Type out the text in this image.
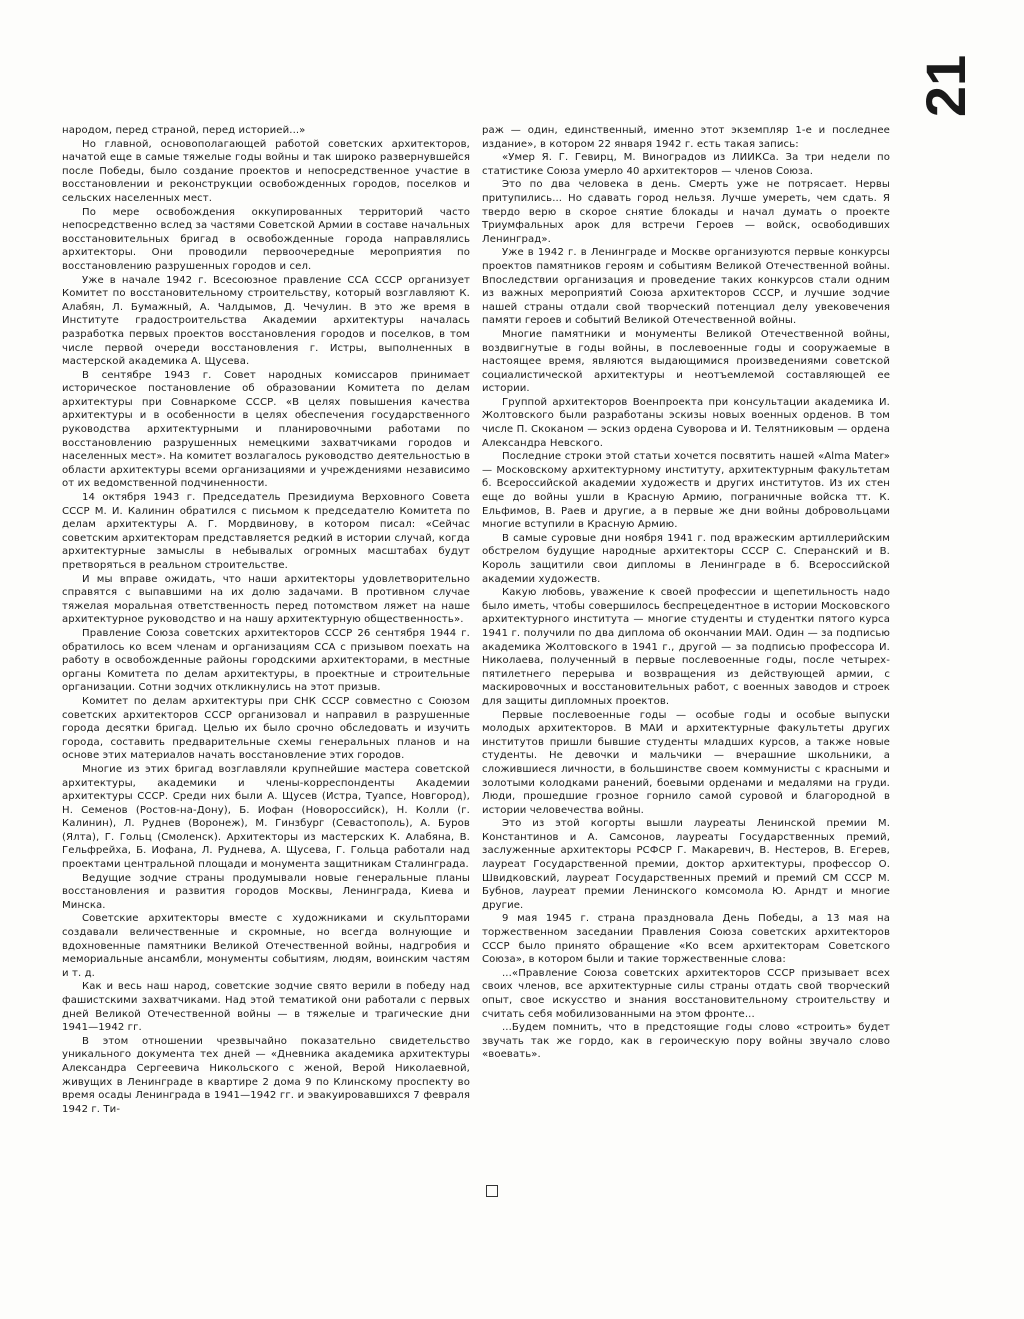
21

народом, перед страной, перед историей...»

Но главной, основополагающей работой советских архитекторов, начатой еще в самые тяжелые годы войны и так широко развернувшейся после Победы, было создание проектов и непосредственное участие в восстановлении и реконструкции освобожденных городов, поселков и сельских населенных мест.

По мере освобождения оккупированных территорий часто непосредственно вслед за частями Советской Армии в составе начальных восстановительных бригад в освобожденные города направлялись архитекторы. Они проводили первоочередные мероприятия по восстановлению разрушенных городов и сел.

Уже в начале 1942 г. Всесоюзное правление ССА СССР организует Комитет по восстановительному строительству, который возглавляют К. Алабян, Л. Бумажный, А. Чалдымов, Д. Чечулин. В это же время в Институте градостроительства Академии архитектуры началась разработка первых проектов восстановления городов и поселков, в том числе первой очереди восстановления г. Истры, выполненных в мастерской академика А. Щусева.

В сентябре 1943 г. Совет народных комиссаров принимает историческое постановление об образовании Комитета по делам архитектуры при Совнаркоме СССР. «В целях повышения качества архитектуры и в особенности в целях обеспечения государственного руководства архитектурными и планировочными работами по восстановлению разрушенных немецкими захватчиками городов и населенных мест». На комитет возлагалось руководство деятельностью в области архитектуры всеми организациями и учреждениями независимо от их ведомственной подчиненности.

14 октября 1943 г. Председатель Президиума Верховного Совета СССР М. И. Калинин обратился с письмом к председателю Комитета по делам архитектуры А. Г. Мордвинову, в котором писал: «Сейчас советским архитекторам представляется редкий в истории случай, когда архитектурные замыслы в небывалых огромных масштабах будут претворяться в реальном строительстве.

И мы вправе ожидать, что наши архитекторы удовлетворительно справятся с выпавшими на их долю задачами. В противном случае тяжелая моральная ответственность перед потомством ляжет на наше архитектурное руководство и на нашу архитектурную общественность».

Правление Союза советских архитекторов СССР 26 сентября 1944 г. обратилось ко всем членам и организациям ССА с призывом поехать на работу в освобожденные районы городскими архитекторами, в местные органы Комитета по делам архитектуры, в проектные и строительные организации. Сотни зодчих откликнулись на этот призыв.

Комитет по делам архитектуры при СНК СССР совместно с Союзом советских архитекторов СССР организовал и направил в разрушенные города десятки бригад. Целью их было срочно обследовать и изучить города, составить предварительные схемы генеральных планов и на основе этих материалов начать восстановление этих городов.

Многие из этих бригад возглавляли крупнейшие мастера советской архитектуры, академики и члены-корреспонденты Академии архитектуры СССР. Среди них были А. Щусев (Истра, Туапсе, Новгород), Н. Семенов (Ростов-на-Дону), Б. Иофан (Новороссийск), Н. Колли (г. Калинин), Л. Руднев (Воронеж), М. Гинзбург (Севастополь), А. Буров (Ялта), Г. Гольц (Смоленск). Архитекторы из мастерских К. Алабяна, В. Гельфрейха, Б. Иофана, Л. Руднева, А. Щусева, Г. Гольца работали над проектами центральной площади и монумента защитникам Сталинграда.

Ведущие зодчие страны продумывали новые генеральные планы восстановления и развития городов Москвы, Ленинграда, Киева и Минска.

Советские архитекторы вместе с художниками и скульпторами создавали величественные и скромные, но всегда волнующие и вдохновенные памятники Великой Отечественной войны, надгробия и мемориальные ансамбли, монументы событиям, людям, воинским частям и т. д.

Как и весь наш народ, советские зодчие свято верили в победу над фашистскими захватчиками. Над этой тематикой они работали с первых дней Великой Отечественной войны — в тяжелые и трагические дни 1941—1942 гг.

В этом отношении чрезвычайно показательно свидетельство уникального документа тех дней — «Дневника академика архитектуры Александра Сергеевича Никольского с женой, Верой Николаевной, живущих в Ленинграде в квартире 2 дома 9 по Клинскому проспекту во время осады Ленинграда в 1941—1942 гг. и эвакуировавшихся 7 февраля 1942 г. Ти-

раж — один, единственный, именно этот экземпляр 1-е и последнее издание», в котором 22 января 1942 г. есть такая запись:

«Умер Я. Г. Гевирц, М. Виноградов из ЛИИКСа. За три недели по статистике Союза умерло 40 архитекторов — членов Союза.

Это по два человека в день. Смерть уже не потрясает. Нервы притупились... Но сдавать город нельзя. Лучше умереть, чем сдать. Я твердо верю в скорое снятие блокады и начал думать о проекте Триумфальных арок для встречи Героев — войск, освободивших Ленинград».

Уже в 1942 г. в Ленинграде и Москве организуются первые конкурсы проектов памятников героям и событиям Великой Отечественной войны. Впоследствии организация и проведение таких конкурсов стали одним из важных мероприятий Союза архитекторов СССР, и лучшие зодчие нашей страны отдали свой творческий потенциал делу увековечения памяти героев и событий Великой Отечественной войны.

Многие памятники и монументы Великой Отечественной войны, воздвигнутые в годы войны, в послевоенные годы и сооружаемые в настоящее время, являются выдающимися произведениями советской социалистической архитектуры и неотъемлемой составляющей ее истории.

Группой архитекторов Военпроекта при консультации академика И. Жолтовского были разработаны эскизы новых военных орденов. В том числе П. Скоканом — эскиз ордена Суворова и И. Телятниковым — ордена Александра Невского.

Последние строки этой статьи хочется посвятить нашей «Alma Mater» — Московскому архитектурному институту, архитектурным факультетам б. Всероссийской академии художеств и других институтов. Из их стен еще до войны ушли в Красную Армию, пограничные войска тт. К. Ельфимов, В. Раев и другие, а в первые же дни войны добровольцами многие вступили в Красную Армию.

В самые суровые дни ноября 1941 г. под вражеским артиллерийским обстрелом будущие народные архитекторы СССР С. Сперанский и В. Король защитили свои дипломы в Ленинграде в б. Всероссийской академии художеств.

Какую любовь, уважение к своей профессии и щепетильность надо было иметь, чтобы совершилось беспрецедентное в истории Московского архитектурного института — многие студенты и студентки пятого курса 1941 г. получили по два диплома об окончании МАИ. Один — за подписью академика Жолтовского в 1941 г., другой — за подписью профессора И. Николаева, полученный в первые послевоенные годы, после четырех-пятилетнего перерыва и возвращения из действующей армии, с маскировочных и восстановительных работ, с военных заводов и строек для защиты дипломных проектов.

Первые послевоенные годы — особые годы и особые выпуски молодых архитекторов. В МАИ и архитектурные факультеты других институтов пришли бывшие студенты младших курсов, а также новые студенты. Не девочки и мальчики — вчерашние школьники, а сложившиеся личности, в большинстве своем коммунисты с красными и золотыми колодками ранений, боевыми орденами и медалями на груди. Люди, прошедшие грозное горнило самой суровой и благородной в истории человечества войны.

Это из этой когорты вышли лауреаты Ленинской премии М. Константинов и А. Самсонов, лауреаты Государственных премий, заслуженные архитекторы РСФСР Г. Макаревич, В. Нестеров, В. Егерев, лауреат Государственной премии, доктор архитектуры, профессор О. Швидковский, лауреат Государственных премий и премий СМ СССР М. Бубнов, лауреат премии Ленинского комсомола Ю. Арндт и многие другие.

9 мая 1945 г. страна праздновала День Победы, а 13 мая на торжественном заседании Правления Союза советских архитекторов СССР было принято обращение «Ко всем архитекторам Советского Союза», в котором были и такие торжественные слова:

...«Правление Союза советских архитекторов СССР призывает всех своих членов, все архитектурные силы страны отдать свой творческий опыт, свое искусство и знания восстановительному строительству и считать себя мобилизованными на этом фронте...

...Будем помнить, что в предстоящие годы слово «строить» будет звучать так же гордо, как в героическую пору войны звучало слово «воевать».
